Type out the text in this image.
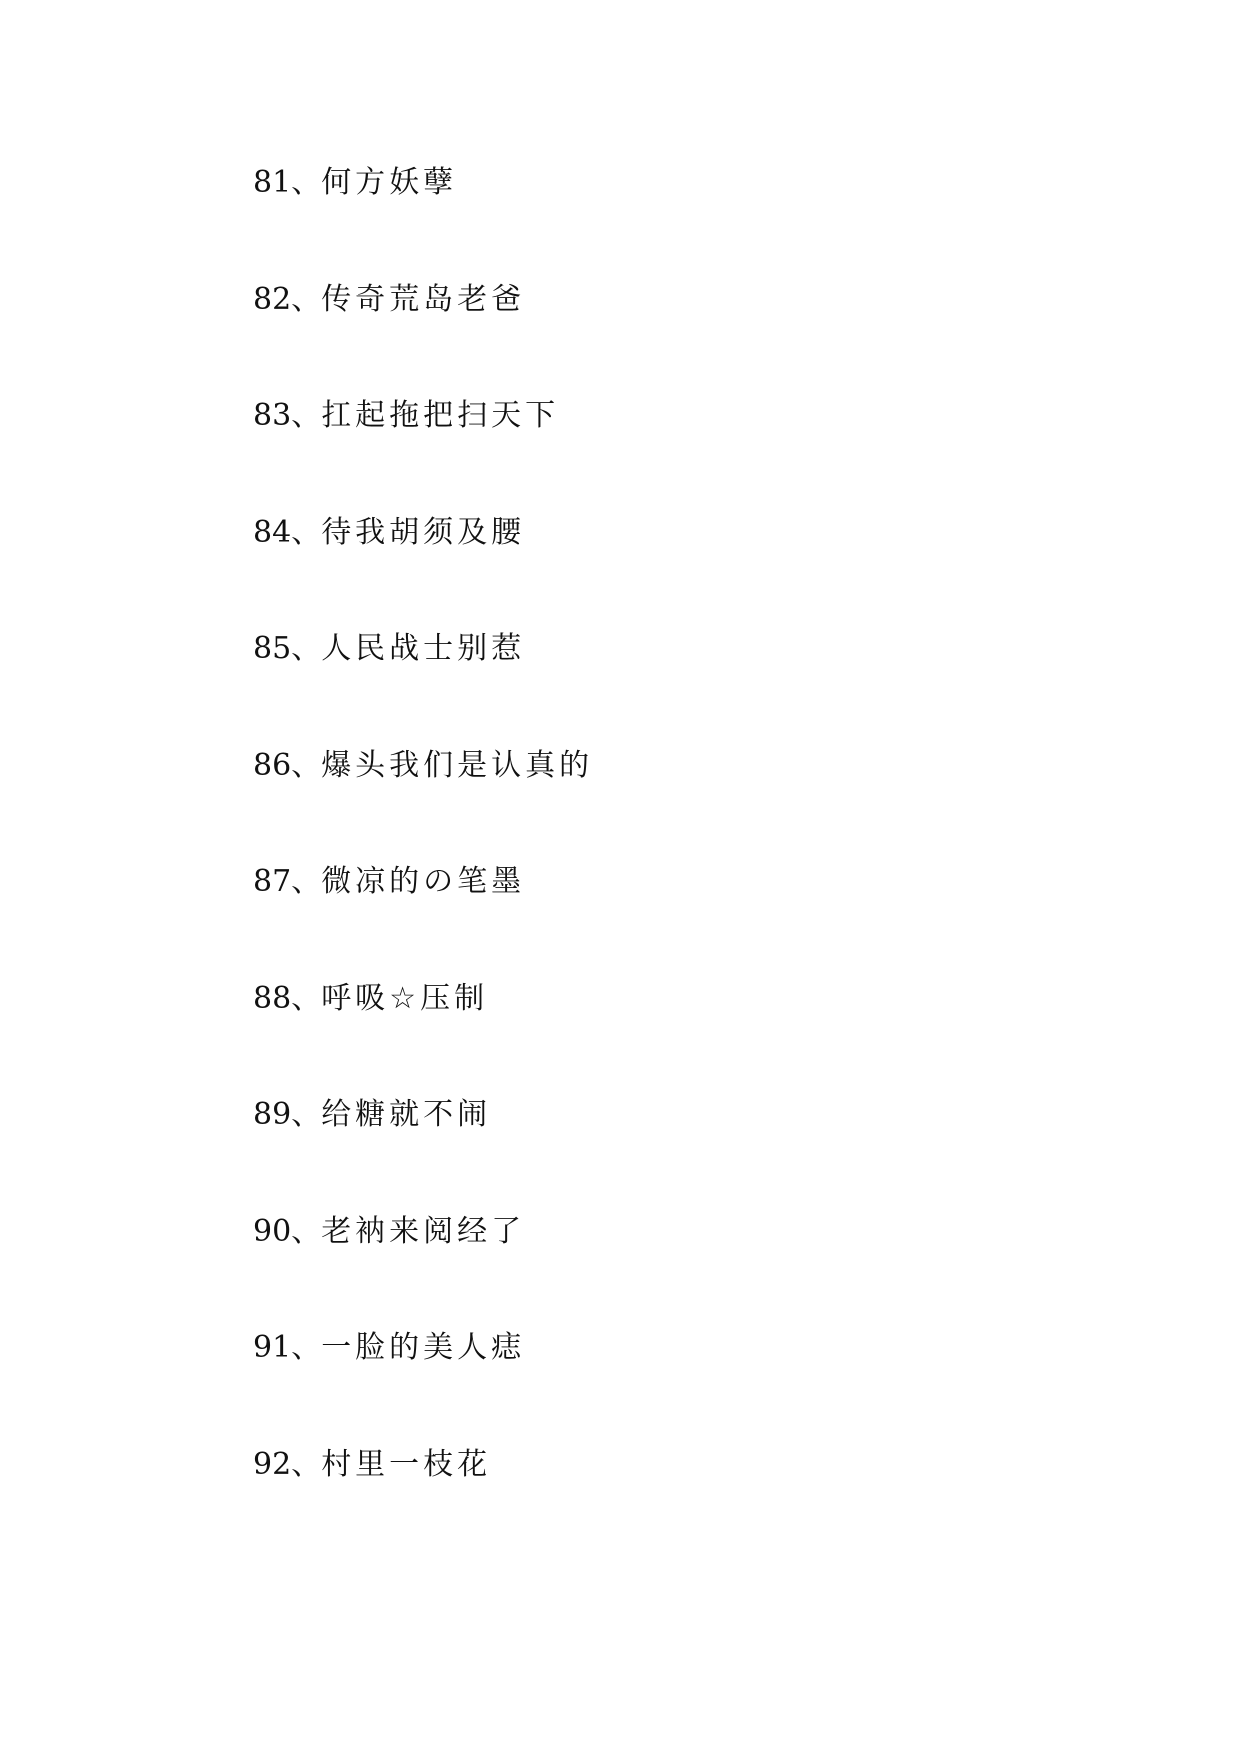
81、何方妖孽
82、传奇荒岛老爸
83、扛起拖把扫天下
84、待我胡须及腰
85、人民战士别惹
86、爆头我们是认真的
87、微凉的の笔墨
88、呼吸☆压制
89、给糖就不闹
90、老衲来阅经了
91、一脸的美人痣
92、村里一枝花
